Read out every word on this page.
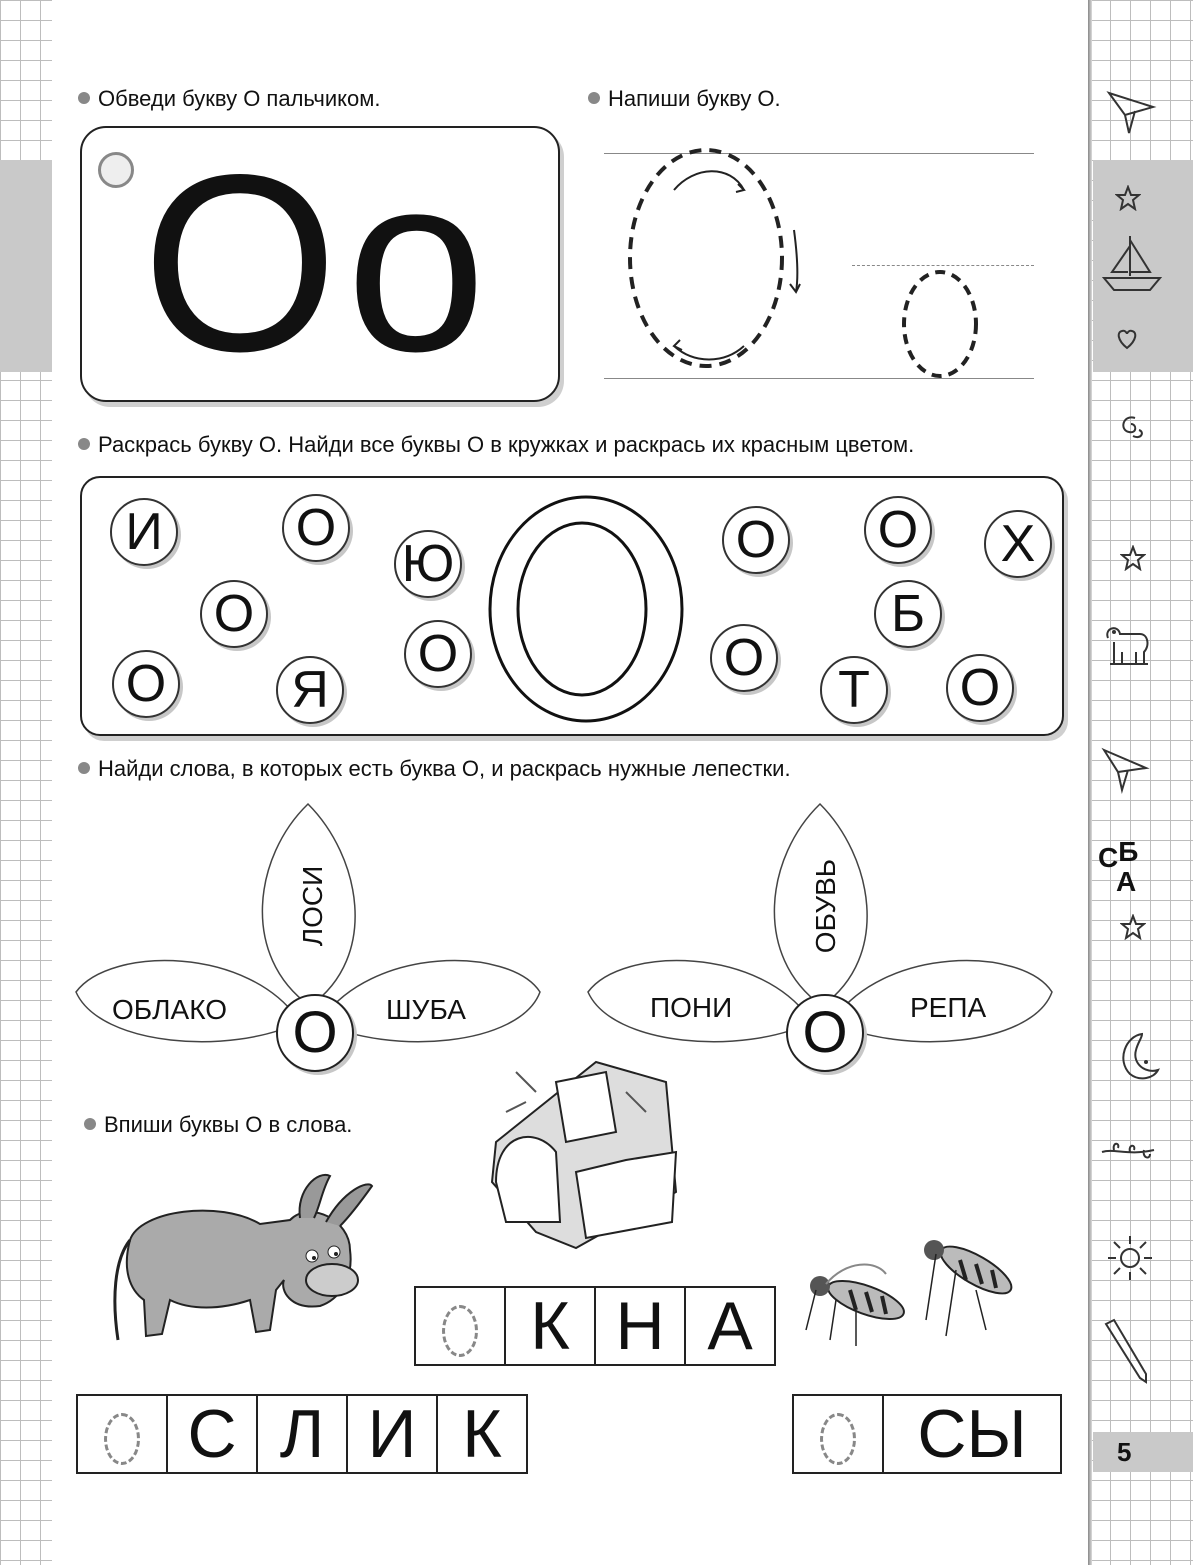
5
СБ
А
Обведи букву О пальчиком.	Напиши букву О.
Оо
Раскрась букву О. Найди все буквы О в кружках и раскрась их красным цветом.
И	О
О
О Я
Ю
О
О
О
О
Б
Х
Т	О
Найди слова, в которых есть буква О, и раскрась нужные лепестки.
ЛОСИ
ОБЛАКО	ШУБА
О
ОБУВЬ
ПОНИ	РЕПА
О
Впиши буквы О в слова.
К Н А
С Л И К	СЫ
